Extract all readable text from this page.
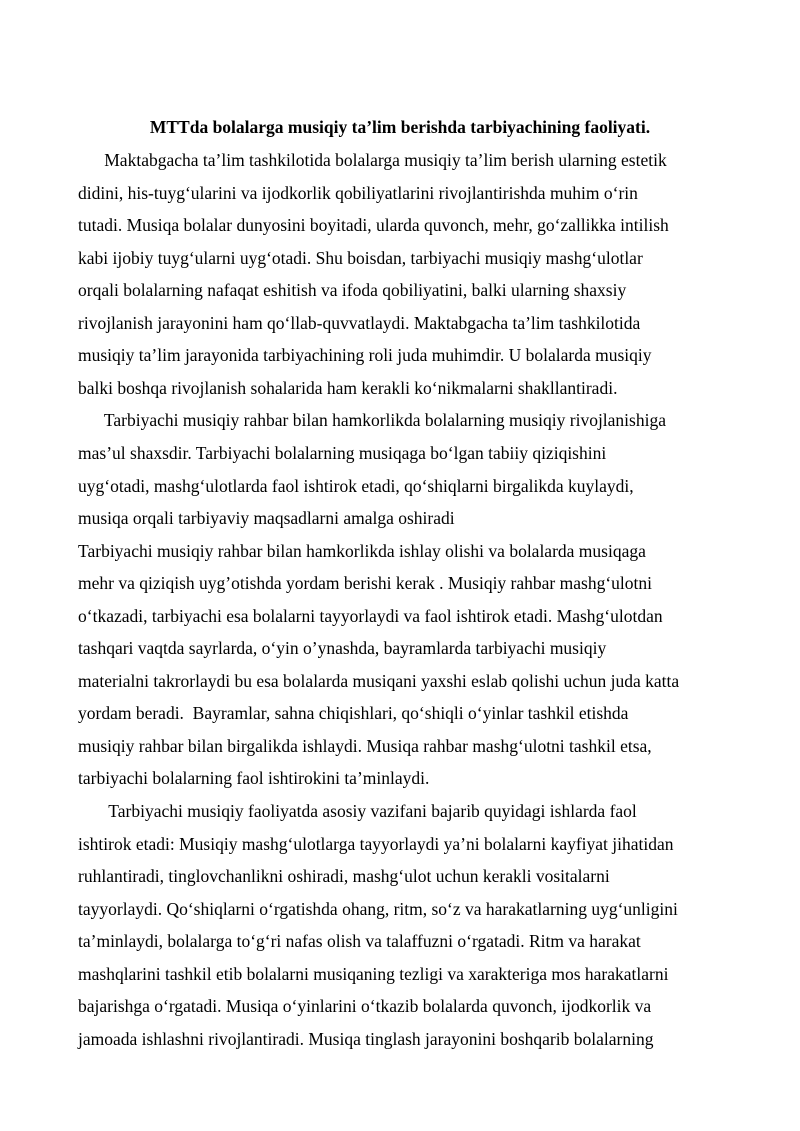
MTTda bolalarga musiqiy ta’lim berishda tarbiyachining faoliyati.
Maktabgacha ta’lim tashkilotida bolalarga musiqiy ta’lim berish ularning estetik
didini, his-tuyg‘ularini va ijodkorlik qobiliyatlarini rivojlantirishda muhim o‘rin
tutadi. Musiqa bolalar dunyosini boyitadi, ularda quvonch, mehr, go‘zallikka intilish
kabi ijobiy tuyg‘ularni uyg‘otadi. Shu boisdan, tarbiyachi musiqiy mashg‘ulotlar
orqali bolalarning nafaqat eshitish va ifoda qobiliyatini, balki ularning shaxsiy
rivojlanish jarayonini ham qo‘llab-quvvatlaydi. Maktabgacha ta’lim tashkilotida
musiqiy ta’lim jarayonida tarbiyachining roli juda muhimdir. U bolalarda musiqiy
balki boshqa rivojlanish sohalarida ham kerakli ko‘nikmalarni shakllantiradi.
Tarbiyachi musiqiy rahbar bilan hamkorlikda bolalarning musiqiy rivojlanishiga
mas’ul shaxsdir. Tarbiyachi bolalarning musiqaga bo‘lgan tabiiy qiziqishini
uyg‘otadi, mashg‘ulotlarda faol ishtirok etadi, qo‘shiqlarni birgalikda kuylaydi,
musiqa orqali tarbiyaviy maqsadlarni amalga oshiradi
Tarbiyachi musiqiy rahbar bilan hamkorlikda ishlay olishi va bolalarda musiqaga
mehr va qiziqish uyg’otishda yordam berishi kerak . Musiqiy rahbar mashg‘ulotni
o‘tkazadi, tarbiyachi esa bolalarni tayyorlaydi va faol ishtirok etadi. Mashg‘ulotdan
tashqari vaqtda sayrlarda, o‘yin o’ynashda, bayramlarda tarbiyachi musiqiy
materialni takrorlaydi bu esa bolalarda musiqani yaxshi eslab qolishi uchun juda katta
yordam beradi.  Bayramlar, sahna chiqishlari, qo‘shiqli o‘yinlar tashkil etishda
musiqiy rahbar bilan birgalikda ishlaydi. Musiqa rahbar mashg‘ulotni tashkil etsa,
tarbiyachi bolalarning faol ishtirokini ta’minlaydi.
Tarbiyachi musiqiy faoliyatda asosiy vazifani bajarib quyidagi ishlarda faol
ishtirok etadi: Musiqiy mashg‘ulotlarga tayyorlaydi ya’ni bolalarni kayfiyat jihatidan
ruhlantiradi, tinglovchanlikni oshiradi, mashg‘ulot uchun kerakli vositalarni
tayyorlaydi. Qo‘shiqlarni o‘rgatishda ohang, ritm, so‘z va harakatlarning uyg‘unligini
ta’minlaydi, bolalarga to‘g‘ri nafas olish va talaffuzni o‘rgatadi. Ritm va harakat
mashqlarini tashkil etib bolalarni musiqaning tezligi va xarakteriga mos harakatlarni
bajarishga o‘rgatadi. Musiqa o‘yinlarini o‘tkazib bolalarda quvonch, ijodkorlik va
jamoada ishlashni rivojlantiradi. Musiqa tinglash jarayonini boshqarib bolalarning
